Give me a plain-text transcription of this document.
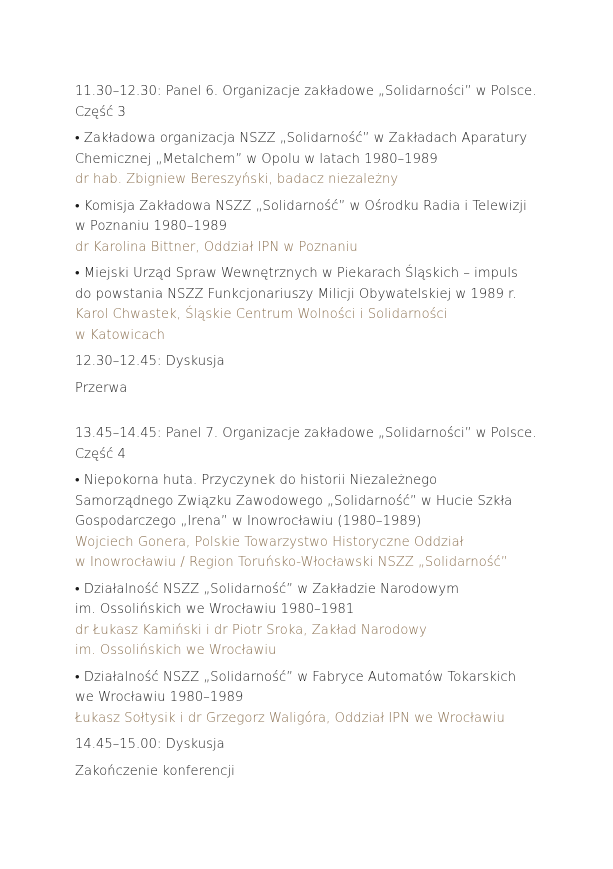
11.30–12.30: Panel 6. Organizacje zakładowe „Solidarności” w Polsce.
Część 3
• Zakładowa organizacja NSZZ „Solidarność” w Zakładach Aparatury
Chemicznej „Metalchem” w Opolu w latach 1980–1989
dr hab. Zbigniew Bereszyński, badacz niezależny
• Komisja Zakładowa NSZZ „Solidarność” w Ośrodku Radia i Telewizji
w Poznaniu 1980–1989
dr Karolina Bittner, Oddział IPN w Poznaniu
• Miejski Urząd Spraw Wewnętrznych w Piekarach Śląskich – impuls
do powstania NSZZ Funkcjonariuszy Milicji Obywatelskiej w 1989 r.
Karol Chwastek, Śląskie Centrum Wolności i Solidarności
w Katowicach
12.30–12.45: Dyskusja
Przerwa
13.45–14.45: Panel 7. Organizacje zakładowe „Solidarności” w Polsce.
Część 4
• Niepokorna huta. Przyczynek do historii Niezależnego
Samorządnego Związku Zawodowego „Solidarność” w Hucie Szkła
Gospodarczego „Irena” w Inowrocławiu (1980–1989)
Wojciech Gonera, Polskie Towarzystwo Historyczne Oddział
w Inowrocławiu / Region Toruńsko-Włocławski NSZZ „Solidarność”
• Działalność NSZZ „Solidarność” w Zakładzie Narodowym
im. Ossolińskich we Wrocławiu 1980–1981
dr Łukasz Kamiński i dr Piotr Sroka, Zakład Narodowy
im. Ossolińskich we Wrocławiu
• Działalność NSZZ „Solidarność” w Fabryce Automatów Tokarskich
we Wrocławiu 1980–1989
Łukasz Sołtysik i dr Grzegorz Waligóra, Oddział IPN we Wrocławiu
14.45–15.00: Dyskusja
Zakończenie konferencji
